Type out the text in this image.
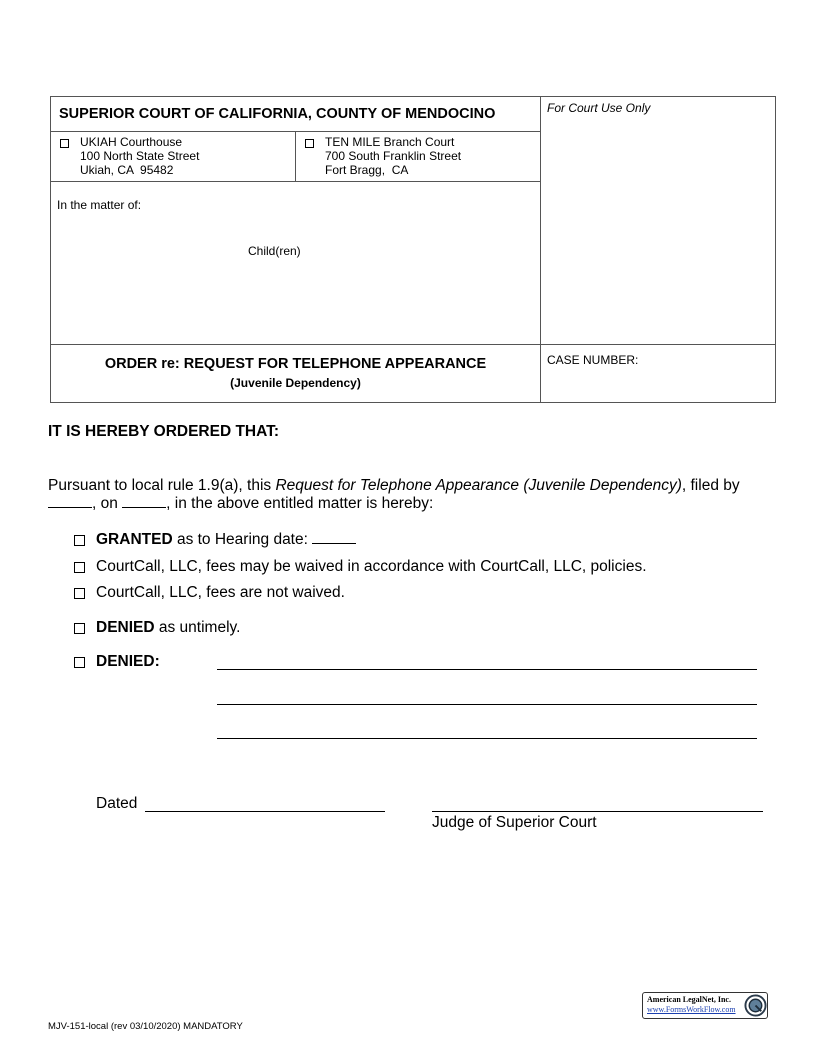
SUPERIOR COURT OF CALIFORNIA, COUNTY OF MENDOCINO	For Court Use Only
UKIAH Courthouse
100 North State Street
Ukiah, CA  95482
TEN MILE Branch Court
700 South Franklin Street
Fort Bragg,  CA
In the matter of:
Child(ren)
ORDER re: REQUEST FOR TELEPHONE APPEARANCE
(Juvenile Dependency)
CASE NUMBER:
IT IS HEREBY ORDERED THAT:
Pursuant to local rule 1.9(a), this Request for Telephone Appearance (Juvenile Dependency), filed by
, on	, in the above entitled matter is hereby:
GRANTED as to Hearing date:
CourtCall, LLC, fees may be waived in accordance with CourtCall, LLC, policies.
CourtCall, LLC, fees are not waived.
DENIED as untimely.
DENIED:
Dated
Judge of Superior Court
American LegalNet, Inc.
www.FormsWorkFlow.com
MJV-151-local (rev 03/10/2020) MANDATORY
